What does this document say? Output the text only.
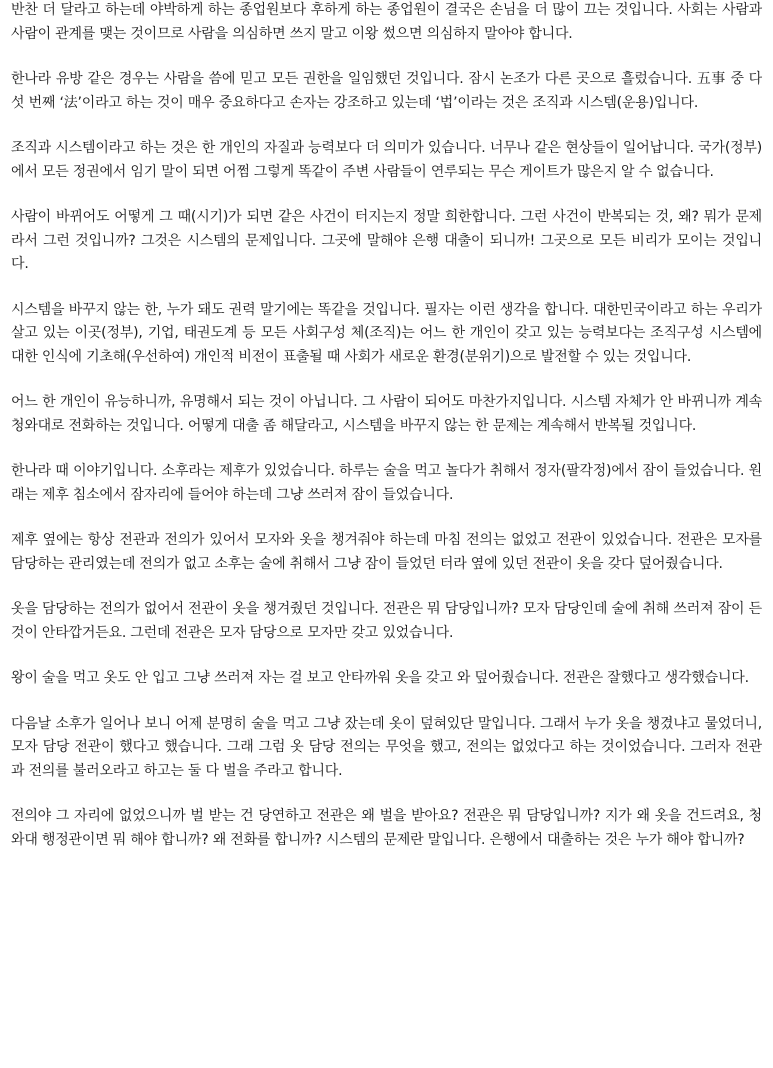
반찬 더 달라고 하는데 야박하게 하는 종업원보다 후하게 하는 종업원이 결국은 손님을 더 많이 끄는 것입니다. 사회는 사람과 사람이 관계를 맺는 것이므로 사람을 의심하면 쓰지 말고 이왕 썼으면 의심하지 말아야 합니다.

한나라 유방 같은 경우는 사람을 씀에 믿고 모든 권한을 일임했던 것입니다. 잠시 논조가 다른 곳으로 흘렀습니다. 五事 중 다섯 번째 ‘法’이라고 하는 것이 매우 중요하다고 손자는 강조하고 있는데 ‘법’이라는 것은 조직과 시스템(운용)입니다.

조직과 시스템이라고 하는 것은 한 개인의 자질과 능력보다 더 의미가 있습니다. 너무나 같은 현상들이 일어납니다. 국가(정부)에서 모든 정권에서 임기 말이 되면 어쩜 그렇게 똑같이 주변 사람들이 연루되는 무슨 게이트가 많은지 알 수 없습니다.

사람이 바뀌어도 어떻게 그 때(시기)가 되면 같은 사건이 터지는지 정말 희한합니다. 그런 사건이 반복되는 것, 왜? 뭐가 문제라서 그런 것입니까? 그것은 시스템의 문제입니다. 그곳에 말해야 은행 대출이 되니까! 그곳으로 모든 비리가 모이는 것입니다.

시스템을 바꾸지 않는 한, 누가 돼도 권력 말기에는 똑같을 것입니다. 필자는 이런 생각을 합니다. 대한민국이라고 하는 우리가 살고 있는 이곳(정부), 기업, 태권도계 등 모든 사회구성 체(조직)는 어느 한 개인이 갖고 있는 능력보다는 조직구성 시스템에 대한 인식에 기초해(우선하여) 개인적 비전이 표출될 때 사회가 새로운 환경(분위기)으로 발전할 수 있는 것입니다.

어느 한 개인이 유능하니까, 유명해서 되는 것이 아닙니다. 그 사람이 되어도 마찬가지입니다. 시스템 자체가 안 바뀌니까 계속 청와대로 전화하는 것입니다. 어떻게 대출 좀 해달라고, 시스템을 바꾸지 않는 한 문제는 계속해서 반복될 것입니다.

한나라 때 이야기입니다. 소후라는 제후가 있었습니다. 하루는 술을 먹고 놀다가 취해서 정자(팔각정)에서 잠이 들었습니다. 원래는 제후 침소에서 잠자리에 들어야 하는데 그냥 쓰러져 잠이 들었습니다.

제후 옆에는 항상 전관과 전의가 있어서 모자와 옷을 챙겨줘야 하는데 마침 전의는 없었고 전관이 있었습니다. 전관은 모자를 담당하는 관리였는데 전의가 없고 소후는 술에 취해서 그냥 잠이 들었던 터라 옆에 있던 전관이 옷을 갖다 덮어줬습니다.

옷을 담당하는 전의가 없어서 전관이 옷을 챙겨줬던 것입니다. 전관은 뭐 담당입니까? 모자 담당인데 술에 취해 쓰러져 잠이 든 것이 안타깝거든요. 그런데 전관은 모자 담당으로 모자만 갖고 있었습니다.

왕이 술을 먹고 옷도 안 입고 그냥 쓰러져 자는 걸 보고 안타까워 옷을 갖고 와 덮어줬습니다. 전관은 잘했다고 생각했습니다.

다음날 소후가 일어나 보니 어제 분명히 술을 먹고 그냥 잤는데 옷이 덮혀있단 말입니다. 그래서 누가 옷을 챙겼냐고 물었더니, 모자 담당 전관이 했다고 했습니다. 그래 그럼 옷 담당 전의는 무엇을 했고, 전의는 없었다고 하는 것이었습니다. 그러자 전관과 전의를 불러오라고 하고는 둘 다 벌을 주라고 합니다.

전의야 그 자리에 없었으니까 벌 받는 건 당연하고 전관은 왜 벌을 받아요? 전관은 뭐 담당입니까? 지가 왜 옷을 건드려요, 청와대 행정관이면 뭐 해야 합니까? 왜 전화를 합니까? 시스템의 문제란 말입니다. 은행에서 대출하는 것은 누가 해야 합니까?
